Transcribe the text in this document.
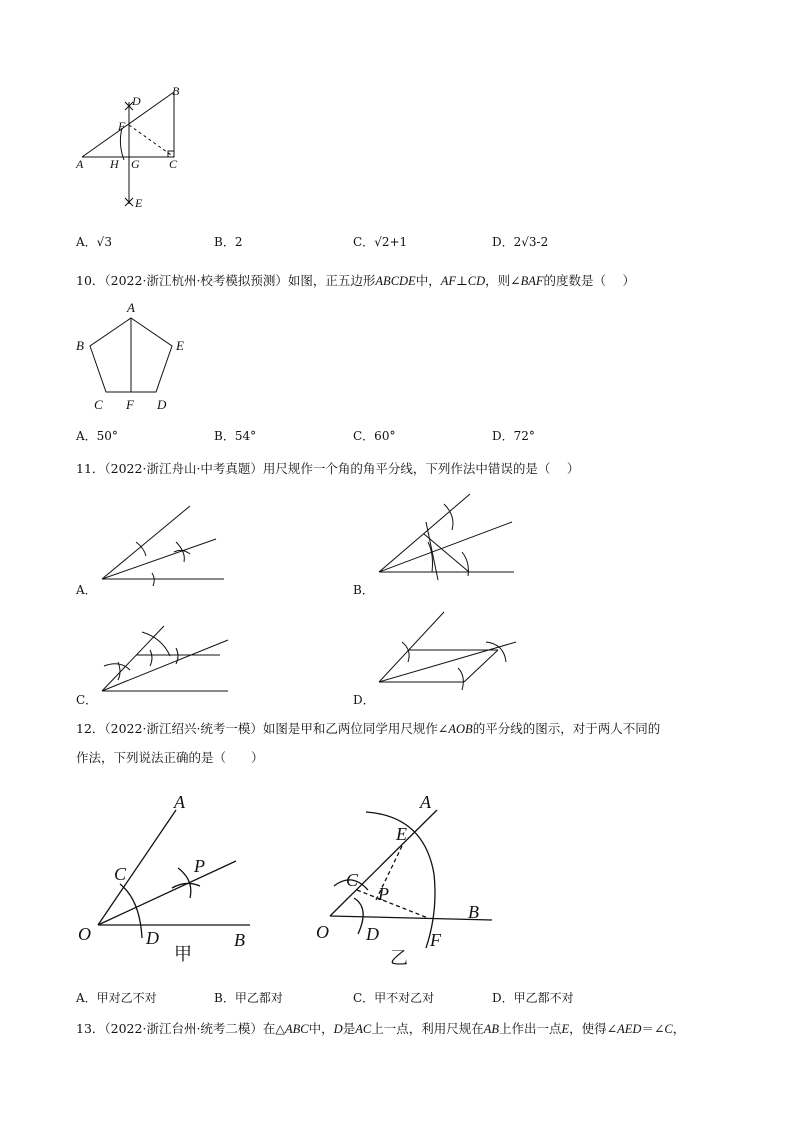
D
B
F
A H G C
E
A．√3	B．2	C．√2+1	D．2√3-2
10．（2022·浙江杭州·校考模拟预测）如图，正五边形ABCDE中，AF⊥CD，则∠BAF的度数是（　 ）
A
B	E
C F D
A．50°	B．54°	C．60°	D．72°
11．（2022·浙江舟山·中考真题）用尺规作一个角的角平分线，下列作法中错误的是（　 ）
A．	B．
C．	D．
12．（2022·浙江绍兴·统考一模）如图是甲和乙两位同学用尺规作∠AOB的平分线的图示，对于两人不同的
作法，下列说法正确的是（　　）
A
C	P
O	D	B
甲
A
E
C
P
B
O D	F
乙
A．甲对乙不对	B．甲乙都对	C．甲不对乙对	D．甲乙都不对
13．（2022·浙江台州·统考二模）在△ABC中，D是AC上一点，利用尺规在AB上作出一点E，使得∠AED＝∠C，
